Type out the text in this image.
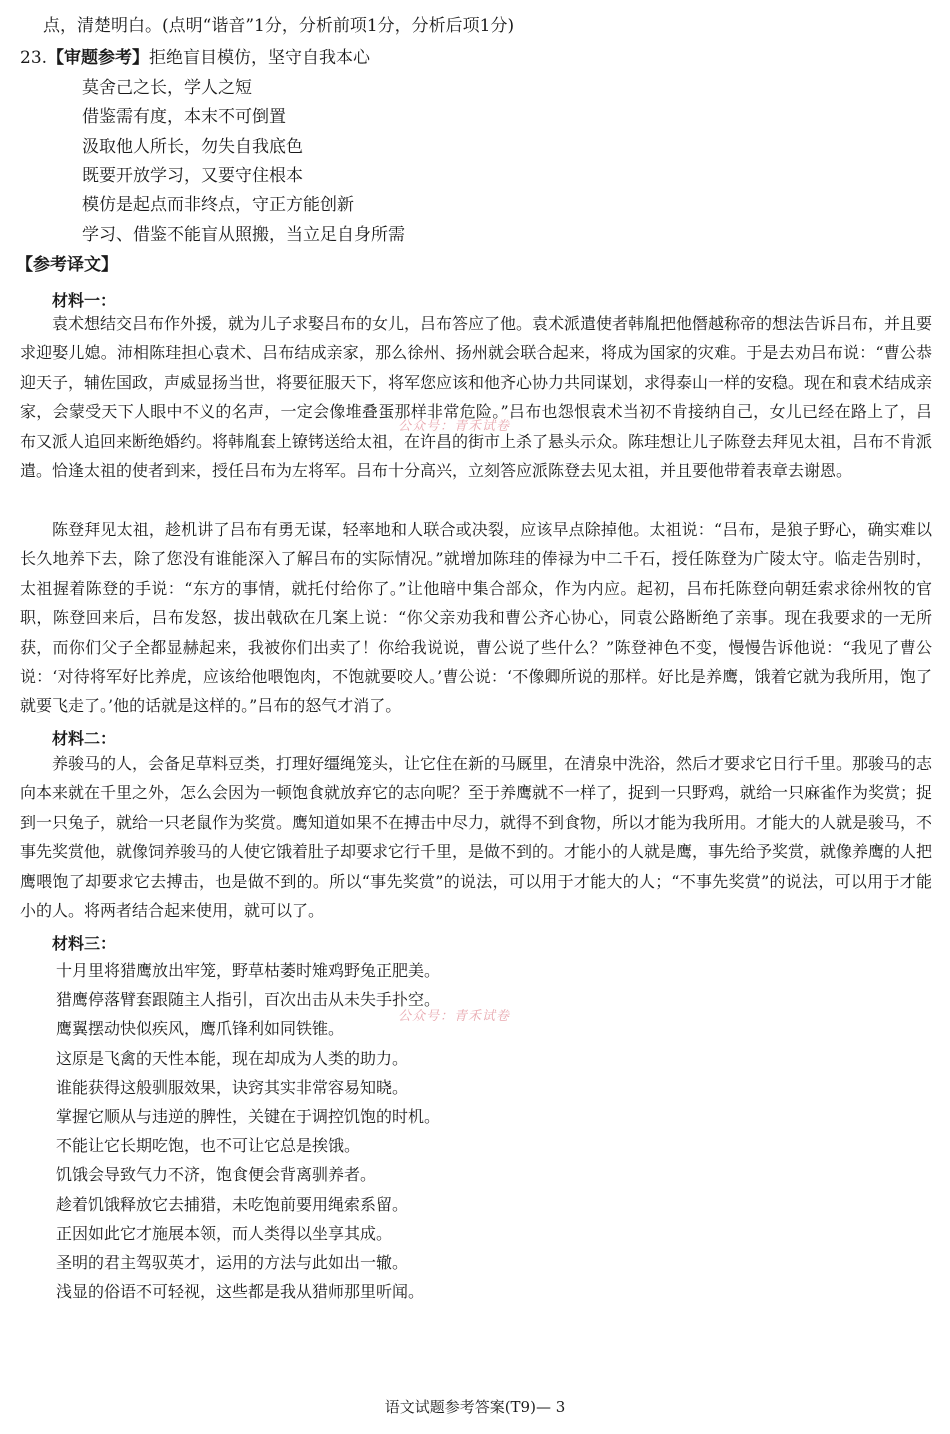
点，清楚明白。(点明“谐音”1分，分析前项1分，分析后项1分)
23.【审题参考】拒绝盲目模仿，坚守自我本心
莫舍己之长，学人之短
借鉴需有度，本末不可倒置
汲取他人所长，勿失自我底色
既要开放学习，又要守住根本
模仿是起点而非终点，守正方能创新
学习、借鉴不能盲从照搬，当立足自身所需
【参考译文】
材料一：

袁术想结交吕布作外援，就为儿子求娶吕布的女儿，吕布答应了他。袁术派遣使者韩胤把他僭越称帝的想法告诉吕布，并且要求迎娶儿媳。沛相陈珪担心袁术、吕布结成亲家，那么徐州、扬州就会联合起来，将成为国家的灾难。于是去劝吕布说：“曹公恭迎天子，辅佐国政，声威显扬当世，将要征服天下，将军您应该和他齐心协力共同谋划，求得泰山一样的安稳。现在和袁术结成亲家，会蒙受天下人眼中不义的名声，一定会像堆叠蛋那样非常危险。”吕布也怨恨袁术当初不肯接纳自己，女儿已经在路上了，吕布又派人追回来断绝婚约。将韩胤套上镣铐送给太祖，在许昌的街市上杀了悬头示众。陈珪想让儿子陈登去拜见太祖，吕布不肯派遣。恰逢太祖的使者到来，授任吕布为左将军。吕布十分高兴，立刻答应派陈登去见太祖，并且要他带着表章去谢恩。

陈登拜见太祖，趁机讲了吕布有勇无谋，轻率地和人联合或决裂，应该早点除掉他。太祖说：“吕布，是狼子野心，确实难以长久地养下去，除了您没有谁能深入了解吕布的实际情况。”就增加陈珪的俸禄为中二千石，授任陈登为广陵太守。临走告别时，太祖握着陈登的手说：“东方的事情，就托付给你了。”让他暗中集合部众，作为内应。起初，吕布托陈登向朝廷索求徐州牧的官职，陈登回来后，吕布发怒，拔出戟砍在几案上说：“你父亲劝我和曹公齐心协心，同袁公路断绝了亲事。现在我要求的一无所获，而你们父子全都显赫起来，我被你们出卖了！你给我说说，曹公说了些什么？”陈登神色不变，慢慢告诉他说：“我见了曹公说：‘对待将军好比养虎，应该给他喂饱肉，不饱就要咬人。’曹公说：‘不像卿所说的那样。好比是养鹰，饿着它就为我所用，饱了就要飞走了。’他的话就是这样的。”吕布的怒气才消了。

材料二：

养骏马的人，会备足草料豆类，打理好缰绳笼头，让它住在新的马厩里，在清泉中洗浴，然后才要求它日行千里。那骏马的志向本来就在千里之外，怎么会因为一顿饱食就放弃它的志向呢？至于养鹰就不一样了，捉到一只野鸡，就给一只麻雀作为奖赏；捉到一只兔子，就给一只老鼠作为奖赏。鹰知道如果不在搏击中尽力，就得不到食物，所以才能为我所用。才能大的人就是骏马，不事先奖赏他，就像饲养骏马的人使它饿着肚子却要求它行千里，是做不到的。才能小的人就是鹰，事先给予奖赏，就像养鹰的人把鹰喂饱了却要求它去搏击，也是做不到的。所以“事先奖赏”的说法，可以用于才能大的人；“不事先奖赏”的说法，可以用于才能小的人。将两者结合起来使用，就可以了。

材料三：
十月里将猎鹰放出牢笼，野草枯萎时雉鸡野兔正肥美。
猎鹰停落臂套跟随主人指引，百次出击从未失手扑空。
鹰翼摆动快似疾风，鹰爪锋利如同铁锥。
这原是飞禽的天性本能，现在却成为人类的助力。
谁能获得这般驯服效果，诀窍其实非常容易知晓。
掌握它顺从与违逆的脾性，关键在于调控饥饱的时机。
不能让它长期吃饱，也不可让它总是挨饿。
饥饿会导致气力不济，饱食便会背离驯养者。
趁着饥饿释放它去捕猎，未吃饱前要用绳索系留。
正因如此它才施展本领，而人类得以坐享其成。
圣明的君主驾驭英才，运用的方法与此如出一辙。
浅显的俗语不可轻视，这些都是我从猎师那里听闻。
公众号：青禾试卷
公众号：青禾试卷
语文试题参考答案(T9)— 3
